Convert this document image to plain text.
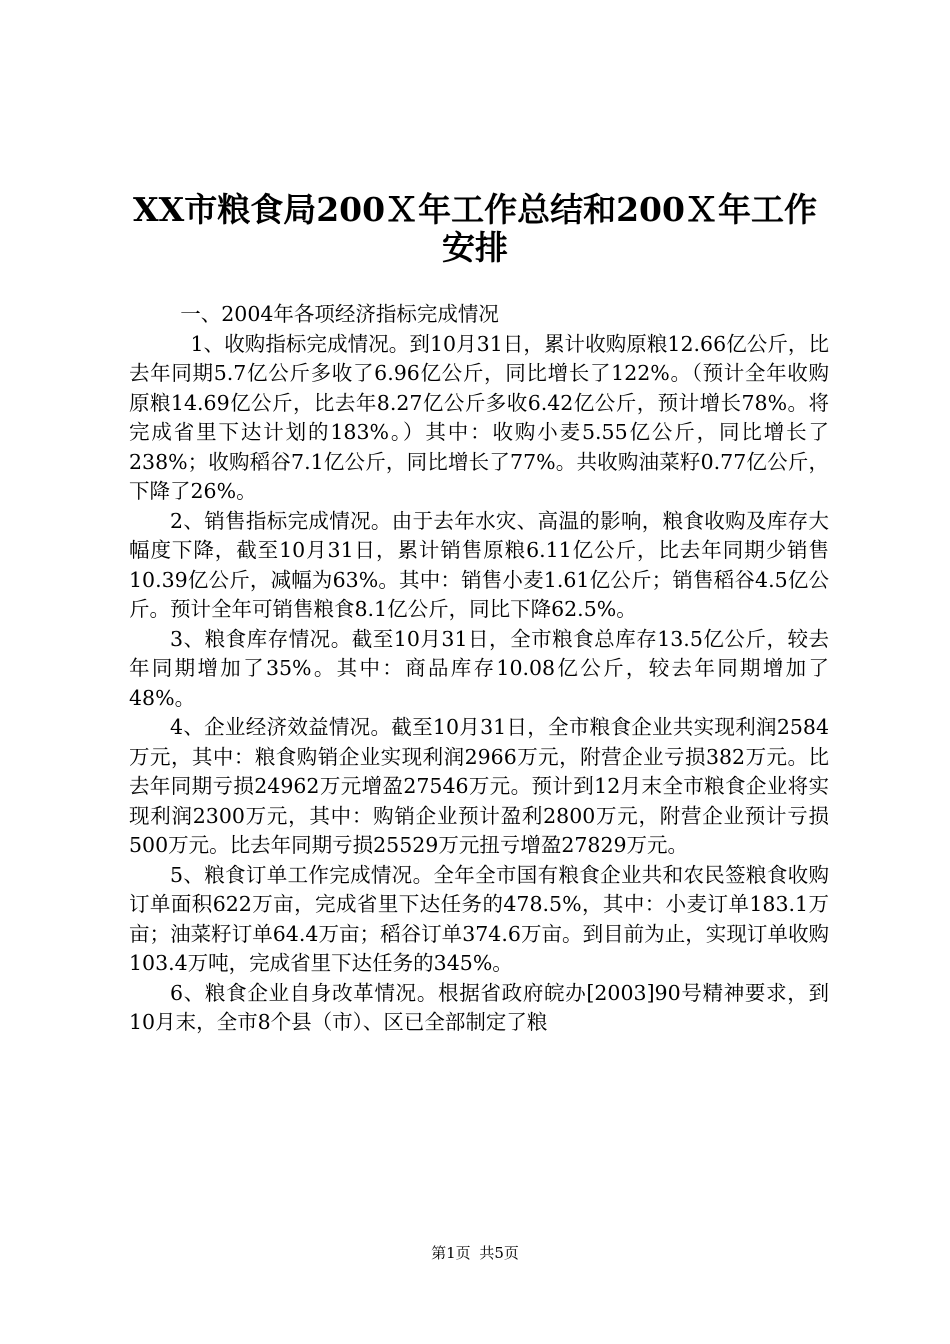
XX市粮食局200Ｘ年工作总结和200Ｘ年工作
安排

一、2004年各项经济指标完成情况

1、收购指标完成情况。到10月31日，累计收购原粮12.66亿公斤，比去年同期5.7亿公斤多收了6.96亿公斤，同比增长了122%。（预计全年收购原粮14.69亿公斤，比去年8.27亿公斤多收6.42亿公斤，预计增长78%。将完成省里下达计划的183%。）其中：收购小麦5.55亿公斤，同比增长了238%；收购稻谷7.1亿公斤，同比增长了77%。共收购油菜籽0.77亿公斤，下降了26%。

2、销售指标完成情况。由于去年水灾、高温的影响，粮食收购及库存大幅度下降，截至10月31日，累计销售原粮6.11亿公斤，比去年同期少销售10.39亿公斤，减幅为63%。其中：销售小麦1.61亿公斤；销售稻谷4.5亿公斤。预计全年可销售粮食8.1亿公斤，同比下降62.5%。

3、粮食库存情况。截至10月31日，全市粮食总库存13.5亿公斤，较去年同期增加了35%。其中：商品库存10.08亿公斤，较去年同期增加了48%。

4、企业经济效益情况。截至10月31日，全市粮食企业共实现利润2584万元，其中：粮食购销企业实现利润2966万元，附营企业亏损382万元。比去年同期亏损24962万元增盈27546万元。预计到12月末全市粮食企业将实现利润2300万元，其中：购销企业预计盈利2800万元，附营企业预计亏损500万元。比去年同期亏损25529万元扭亏增盈27829万元。

5、粮食订单工作完成情况。全年全市国有粮食企业共和农民签粮食收购订单面积622万亩，完成省里下达任务的478.5%，其中：小麦订单183.1万亩；油菜籽订单64.4万亩；稻谷订单374.6万亩。到目前为止，实现订单收购103.4万吨，完成省里下达任务的345%。

6、粮食企业自身改革情况。根据省政府皖办[2003]90号精神要求，到10月末，全市8个县（市）、区已全部制定了粮

第1页 共5页
